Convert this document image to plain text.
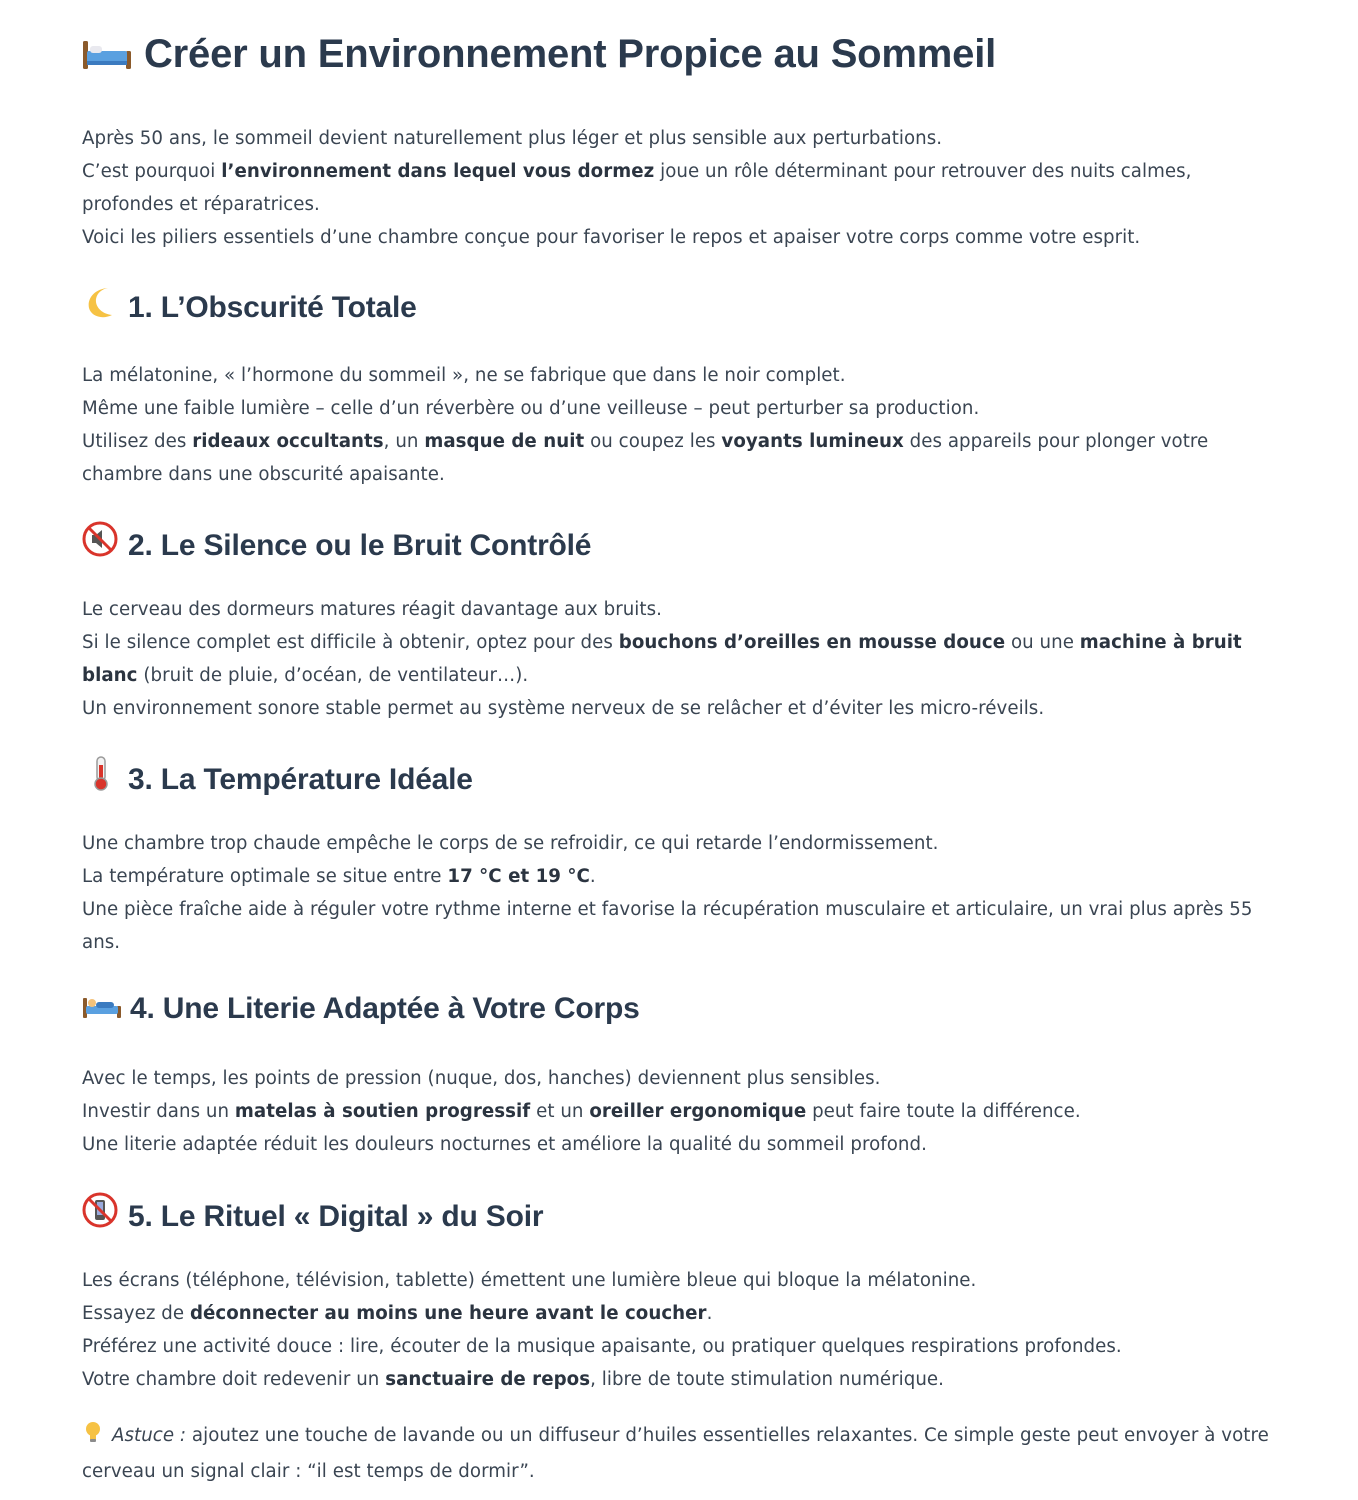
Créer un Environnement Propice au Sommeil

Après 50 ans, le sommeil devient naturellement plus léger et plus sensible aux perturbations.

C’est pourquoi l’environnement dans lequel vous dormez joue un rôle déterminant pour retrouver des nuits calmes, profondes et réparatrices.

Voici les piliers essentiels d’une chambre conçue pour favoriser le repos et apaiser votre corps comme votre esprit.

1. L’Obscurité Totale

La mélatonine, « l’hormone du sommeil », ne se fabrique que dans le noir complet.

Même une faible lumière – celle d’un réverbère ou d’une veilleuse – peut perturber sa production.

Utilisez des rideaux occultants, un masque de nuit ou coupez les voyants lumineux des appareils pour plonger votre chambre dans une obscurité apaisante.

2. Le Silence ou le Bruit Contrôlé

Le cerveau des dormeurs matures réagit davantage aux bruits.

Si le silence complet est difficile à obtenir, optez pour des bouchons d’oreilles en mousse douce ou une machine à bruit blanc (bruit de pluie, d’océan, de ventilateur…).

Un environnement sonore stable permet au système nerveux de se relâcher et d’éviter les micro-réveils.

3. La Température Idéale

Une chambre trop chaude empêche le corps de se refroidir, ce qui retarde l’endormissement.

La température optimale se situe entre 17 °C et 19 °C.

Une pièce fraîche aide à réguler votre rythme interne et favorise la récupération musculaire et articulaire, un vrai plus après 55 ans.

4. Une Literie Adaptée à Votre Corps

Avec le temps, les points de pression (nuque, dos, hanches) deviennent plus sensibles.

Investir dans un matelas à soutien progressif et un oreiller ergonomique peut faire toute la différence.

Une literie adaptée réduit les douleurs nocturnes et améliore la qualité du sommeil profond.

5. Le Rituel « Digital » du Soir

Les écrans (téléphone, télévision, tablette) émettent une lumière bleue qui bloque la mélatonine.

Essayez de déconnecter au moins une heure avant le coucher.

Préférez une activité douce : lire, écouter de la musique apaisante, ou pratiquer quelques respirations profondes.

Votre chambre doit redevenir un sanctuaire de repos, libre de toute stimulation numérique.

Astuce : ajoutez une touche de lavande ou un diffuseur d’huiles essentielles relaxantes. Ce simple geste peut envoyer à votre cerveau un signal clair : “il est temps de dormir”.
